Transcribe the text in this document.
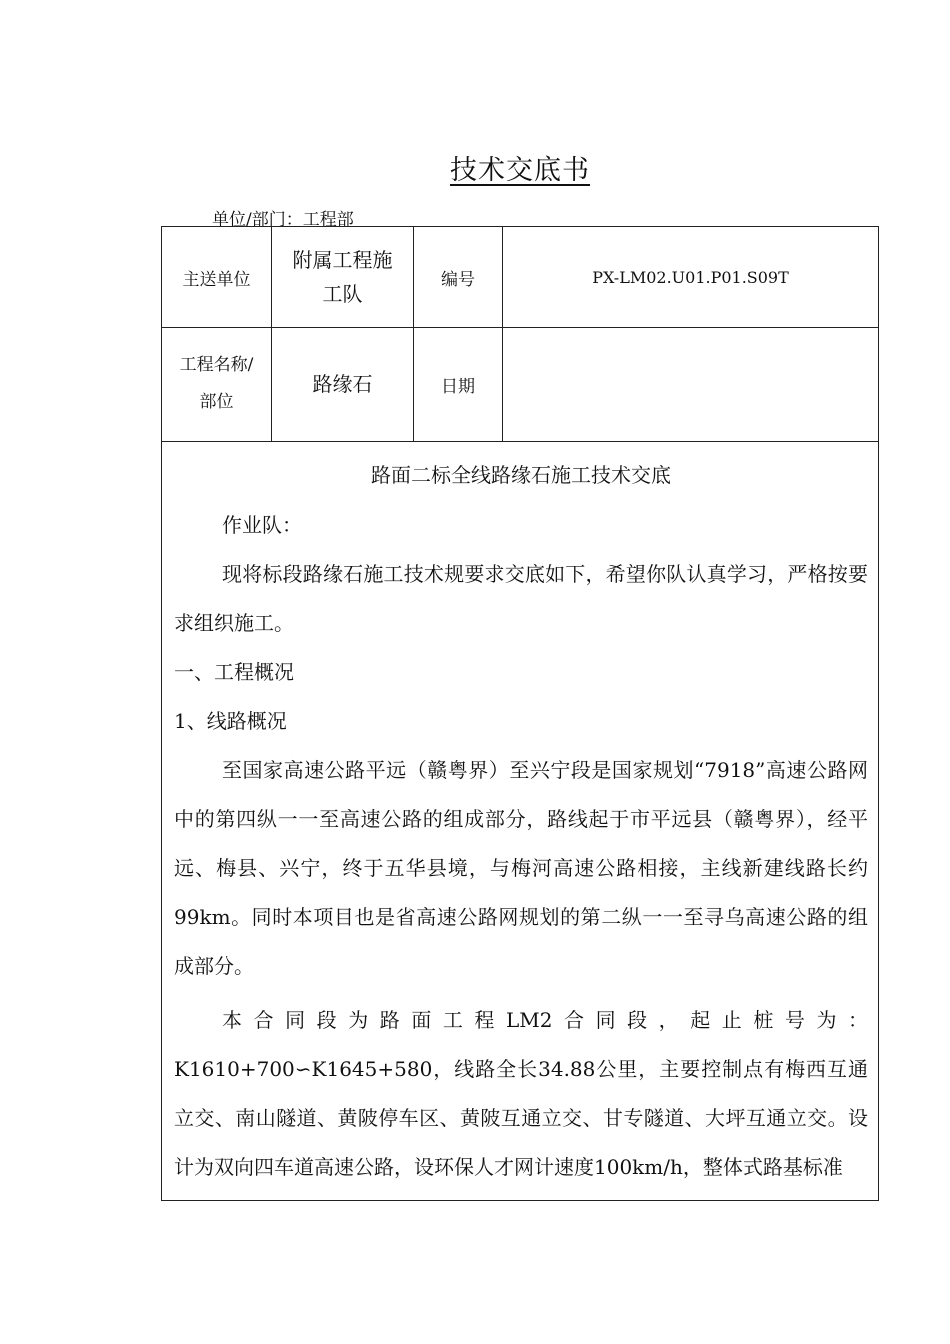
技术交底书
单位/部门：工程部
主送单位
附属工程施工队
编号	PX-LM02.U01.P01.S09T
工程名称/部位
路缘石	日期

路面二标全线路缘石施工技术交底

作业队：

现将标段路缘石施工技术规要求交底如下，希望你队认真学习，严格按要求组织施工。

一、工程概况

1、线路概况

至国家高速公路平远（赣粤界）至兴宁段是国家规划“7918”高速公路网中的第四纵一一至高速公路的组成部分，路线起于市平远县（赣粤界），经平远、梅县、兴宁，终于五华县境，与梅河高速公路相接，主线新建线路长约99km。同时本项目也是省高速公路网规划的第二纵一一至寻乌高速公路的组成部分。

本合同段为路面工程LM2合同段，起止桩号为：K1610+700∽K1645+580，线路全长34.88公里，主要控制点有梅西互通立交、南山隧道、黄陂停车区、黄陂互通立交、甘专隧道、大坪互通立交。设计为双向四车道高速公路，设环保人才网计速度100km/h，整体式路基标准
